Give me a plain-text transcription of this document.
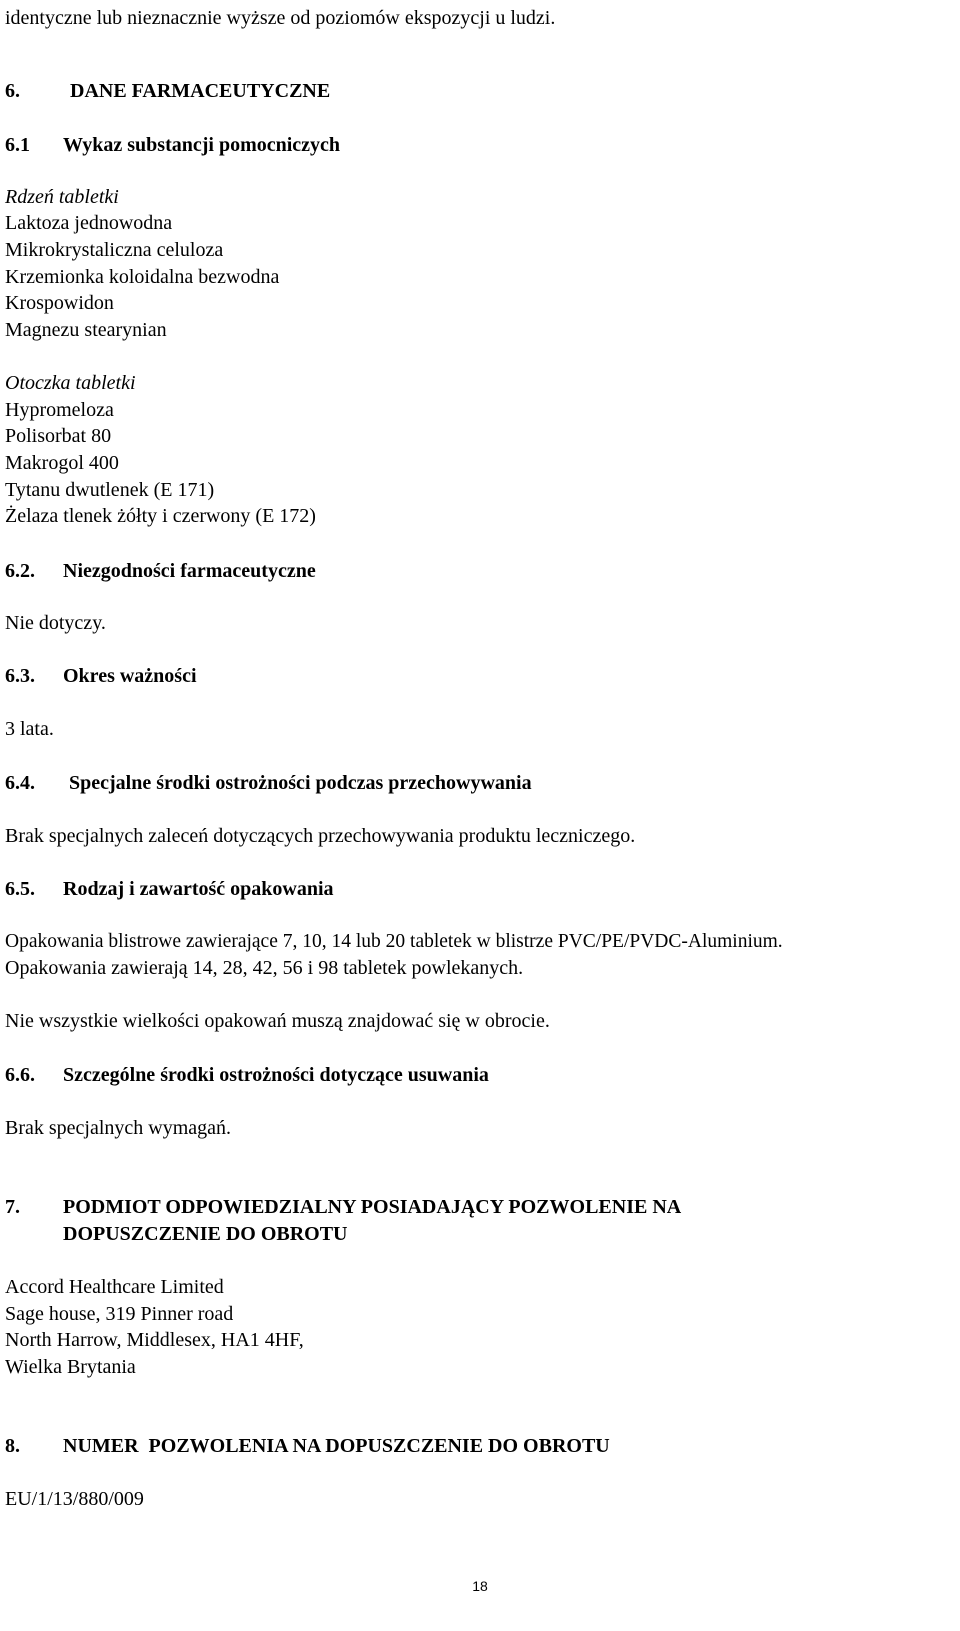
identyczne lub nieznacznie wyższe od poziomów ekspozycji u ludzi.
6.	DANE FARMACEUTYCZNE
6.1 Wykaz substancji pomocniczych
Rdzeń tabletki
Laktoza jednowodna
Mikrokrystaliczna celuloza
Krzemionka koloidalna bezwodna
Krospowidon
Magnezu stearynian
Otoczka tabletki
Hypromeloza
Polisorbat 80
Makrogol 400
Tytanu dwutlenek (E 171)
Żelaza tlenek żółty i czerwony (E 172)
6.2. Niezgodności farmaceutyczne
Nie dotyczy.
6.3. Okres ważności
3 lata.
6.4. Specjalne środki ostrożności podczas przechowywania
Brak specjalnych zaleceń dotyczących przechowywania produktu leczniczego.
6.5. Rodzaj i zawartość opakowania
Opakowania blistrowe zawierające 7, 10, 14 lub 20 tabletek w blistrze PVC/PE/PVDC-Aluminium.
Opakowania zawierają 14, 28, 42, 56 i 98 tabletek powlekanych.
Nie wszystkie wielkości opakowań muszą znajdować się w obrocie.
6.6. Szczególne środki ostrożności dotyczące usuwania
Brak specjalnych wymagań.
7. PODMIOT ODPOWIEDZIALNY POSIADAJĄCY POZWOLENIE NA
DOPUSZCZENIE DO OBROTU
Accord Healthcare Limited
Sage house, 319 Pinner road
North Harrow, Middlesex, HA1 4HF,
Wielka Brytania
8. NUMER  POZWOLENIA NA DOPUSZCZENIE DO OBROTU
EU/1/13/880/009
18
